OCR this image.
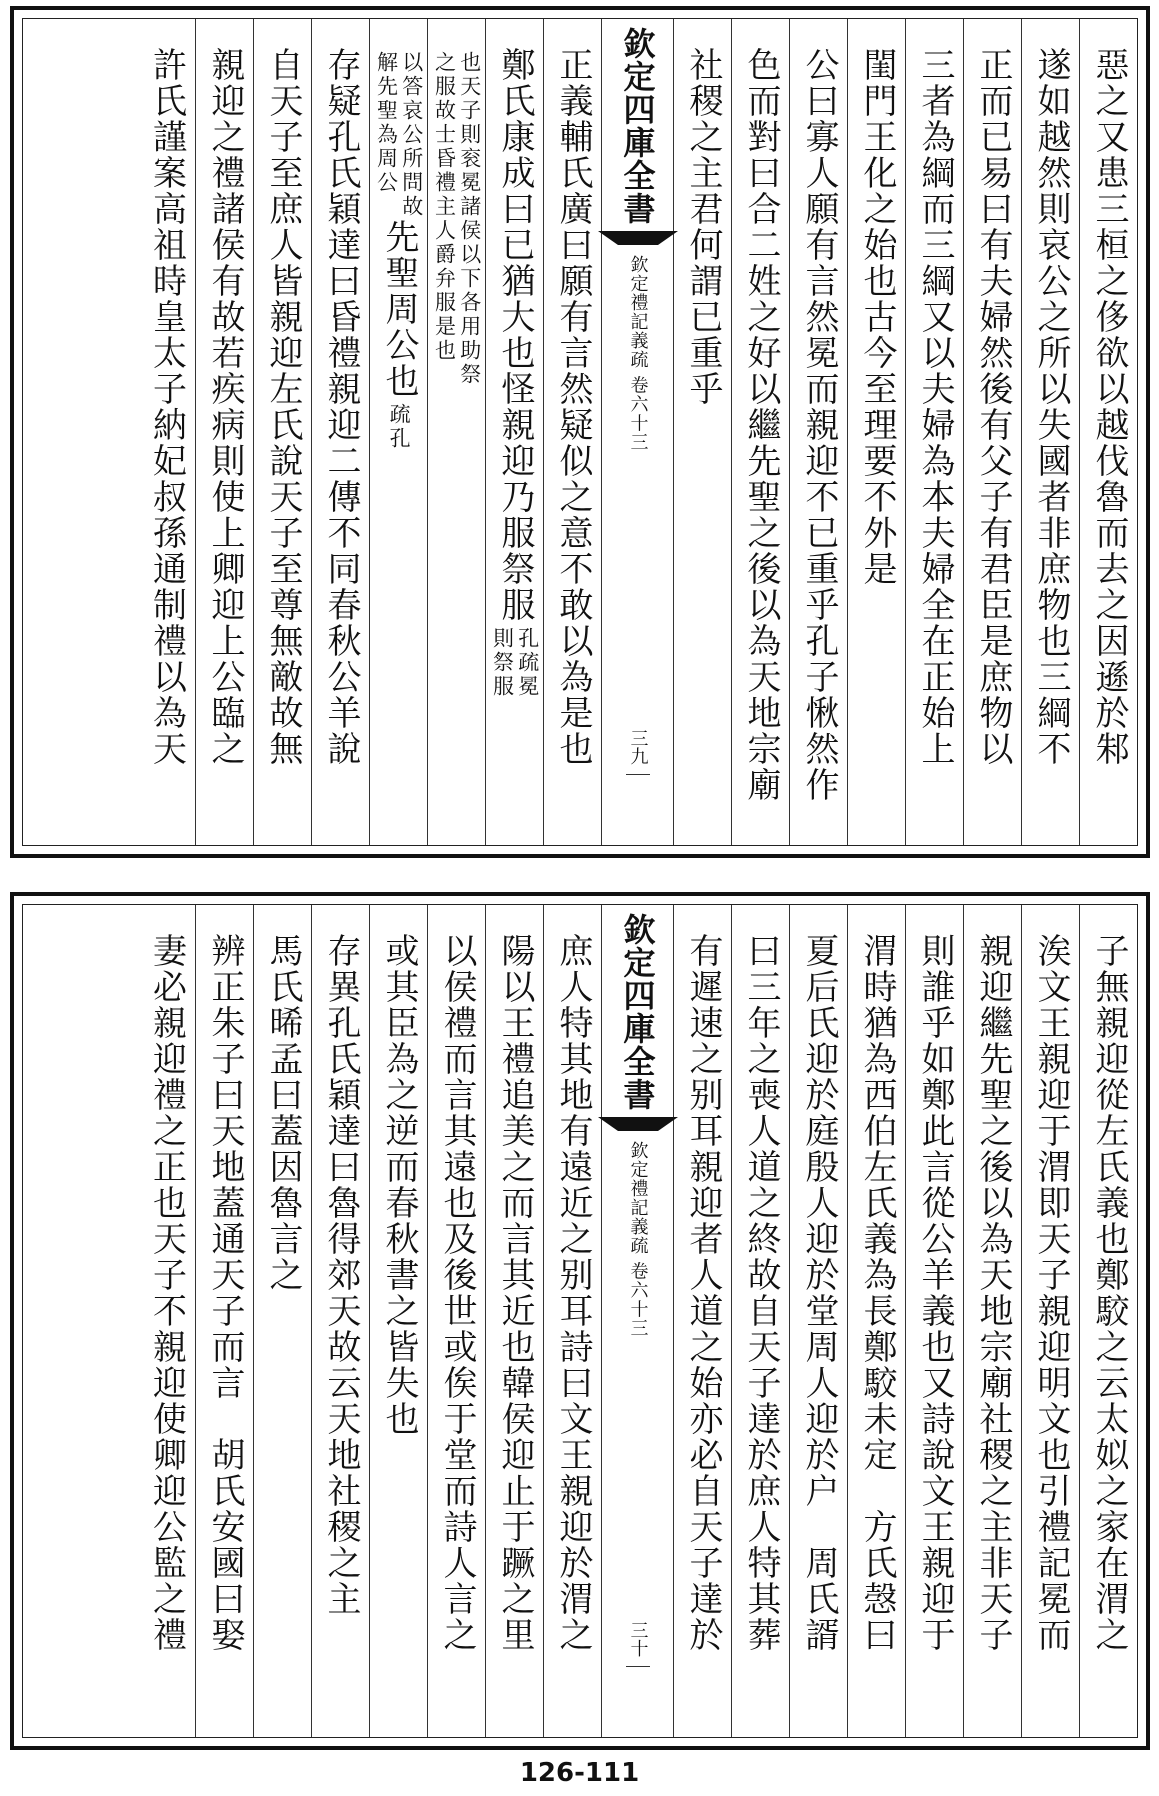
惡之又患三桓之侈欲以越伐魯而去之因遜於邾
遂如越然則哀公之所以失國者非庶物也三綱不
正而已易曰有夫婦然後有父子有君臣是庶物以
三者為綱而三綱又以夫婦為本夫婦全在正始上
閨門王化之始也古今至理要不外是
公曰寡人願有言然冕而親迎不已重乎孔子愀然作
色而對曰合二姓之好以繼先聖之後以為天地宗廟
社稷之主君何謂已重乎
欽定四庫全書
欽定禮記義疏 卷六十三
三九
正義輔氏廣曰願有言然疑似之意不敢以為是也
鄭氏康成曰已猶大也怪親迎乃服祭服
孔疏冕
則祭服
也天子則衮冕諸侯以下各用助祭
之服故士昏禮主人爵弁服是也
以答哀公所問故
解先聖為周公
先聖周公也
疏孔
存疑孔氏穎達曰昏禮親迎二傳不同春秋公羊說
自天子至庶人皆親迎左氏說天子至尊無敵故無
親迎之禮諸侯有故若疾病則使上卿迎上公臨之
許氏謹案高祖時皇太子納妃叔孫通制禮以為天
子無親迎從左氏義也鄭駮之云太姒之家在渭之
涘文王親迎于渭即天子親迎明文也引禮記冕而
親迎繼先聖之後以為天地宗廟社稷之主非天子
則誰乎如鄭此言從公羊義也又詩說文王親迎于
渭時猶為西伯左氏義為長鄭駮未定　方氏愨曰
夏后氏迎於庭殷人迎於堂周人迎於户　周氏諝
曰三年之喪人道之終故自天子達於庶人特其葬
有遲速之别耳親迎者人道之始亦必自天子達於
欽定四庫全書
欽定禮記義疏 卷六十三
三十
庶人特其地有遠近之别耳詩曰文王親迎於渭之
陽以王禮追美之而言其近也韓侯迎止于蹶之里
以侯禮而言其遠也及後世或俟于堂而詩人言之
或其臣為之逆而春秋書之皆失也
存異孔氏穎達曰魯得郊天故云天地社稷之主
馬氏晞孟曰蓋因魯言之
辨正朱子曰天地蓋通天子而言　胡氏安國曰娶
妻必親迎禮之正也天子不親迎使卿迎公監之禮
126-111
